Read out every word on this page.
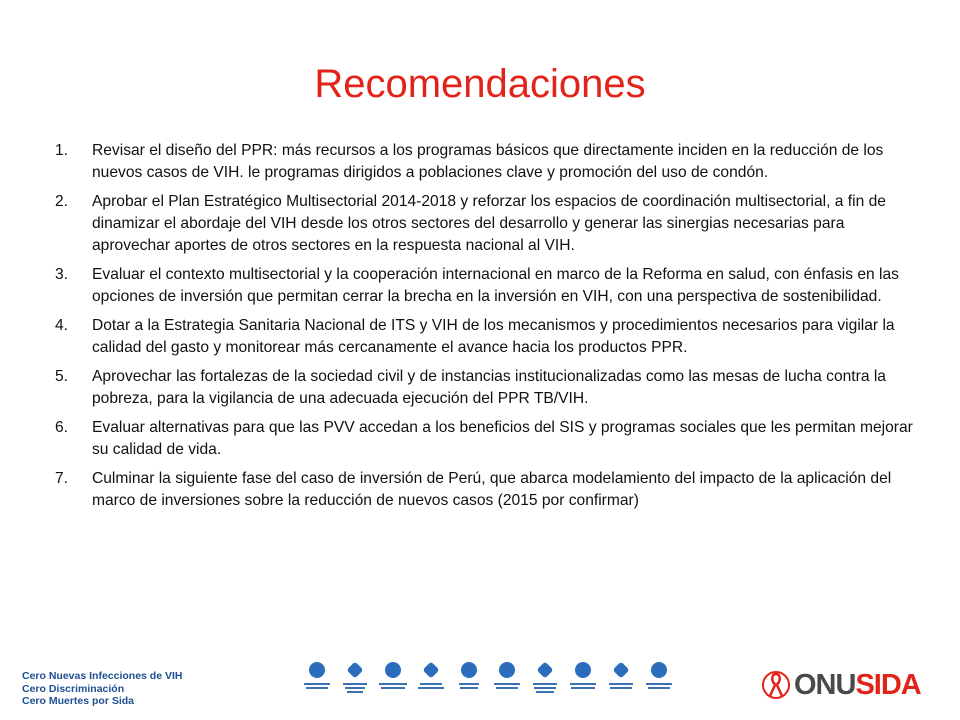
Recomendaciones
1.	Revisar el diseño del PPR: más recursos a los programas básicos que directamente inciden en la reducción de los nuevos casos de VIH. le programas dirigidos a poblaciones clave y promoción del uso de condón.
2.	Aprobar el Plan Estratégico Multisectorial 2014-2018 y reforzar los espacios de coordinación multisectorial, a fin de dinamizar el abordaje del VIH desde los otros sectores del desarrollo y generar las sinergias necesarias para aprovechar aportes de otros sectores en la respuesta nacional al VIH.
3.	Evaluar el contexto multisectorial y la cooperación internacional en marco de la Reforma en salud, con énfasis en las opciones de inversión que permitan cerrar la brecha en la inversión en VIH, con una perspectiva de sostenibilidad.
4.	Dotar a la Estrategia Sanitaria Nacional de ITS y VIH de los mecanismos y procedimientos necesarios para vigilar la calidad del gasto y monitorear más cercanamente el avance hacia los productos PPR.
5.	Aprovechar las fortalezas de la sociedad civil y de instancias institucionalizadas como las mesas de lucha contra la pobreza, para la vigilancia de una adecuada ejecución del PPR TB/VIH.
6.	Evaluar alternativas para que las PVV accedan a los beneficios del SIS y programas sociales que les permitan mejorar su calidad de vida.
7.	Culminar la siguiente fase del caso de inversión de Perú, que abarca modelamiento del impacto de la aplicación del marco de inversiones sobre la reducción de nuevos casos (2015 por confirmar)
Cero Nuevas Infecciones de VIH
Cero Discriminación
Cero Muertes por Sida
ONUSIDA
